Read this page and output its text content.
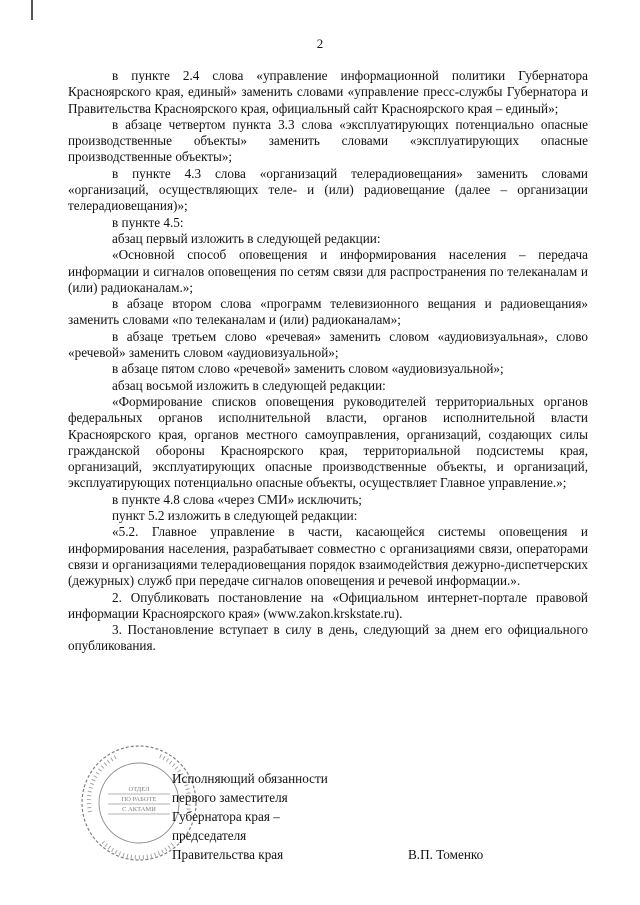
2

в пункте 2.4 слова «управление информационной политики Губернатора Красноярского края, единый» заменить словами «управление пресс-службы Губернатора и Правительства Красноярского края, официальный сайт Красноярского края – единый»;

в абзаце четвертом пункта 3.3 слова «эксплуатирующих потенциально опасные производственные объекты» заменить словами «эксплуатирующих опасные производственные объекты»;

в пункте 4.3 слова «организаций телерадиовещания» заменить словами «организаций, осуществляющих теле- и (или) радиовещание (далее – организации телерадиовещания)»;

в пункте 4.5:

абзац первый изложить в следующей редакции:

«Основной способ оповещения и информирования населения – передача информации и сигналов оповещения по сетям связи для распространения по телеканалам и (или) радиоканалам.»;

в абзаце втором слова «программ телевизионного вещания и радиовещания» заменить словами «по телеканалам и (или) радиоканалам»;

в абзаце третьем слово «речевая» заменить словом «аудиовизуальная», слово «речевой» заменить словом «аудиовизуальной»;

в абзаце пятом слово «речевой» заменить словом «аудиовизуальной»;

абзац восьмой изложить в следующей редакции:

«Формирование списков оповещения руководителей территориальных органов федеральных органов исполнительной власти, органов исполнительной власти Красноярского края, органов местного самоуправления, организаций, создающих силы гражданской обороны Красноярского края, территориальной подсистемы края, организаций, эксплуатирующих опасные производственные объекты, и организаций, эксплуатирующих потенциально опасные объекты, осуществляет Главное управление.»;

в пункте 4.8 слова «через СМИ» исключить;

пункт 5.2 изложить в следующей редакции:

«5.2. Главное управление в части, касающейся системы оповещения и информирования населения, разрабатывает совместно с организациями связи, операторами связи и организациями телерадиовещания порядок взаимодействия дежурно-диспетчерских (дежурных) служб при передаче сигналов оповещения и речевой информации.».

2. Опубликовать постановление на «Официальном интернет-портале правовой информации Красноярского края» (www.zakon.krskstate.ru).

3. Постановление вступает в силу в день, следующий за днем его официального опубликования.

ОТДЕЛ
ПО РАБОТЕ
С АКТАМИ
Исполняющий обязанности
первого заместителя
Губернатора края –
председателя
Правительства края	В.П. Томенко
